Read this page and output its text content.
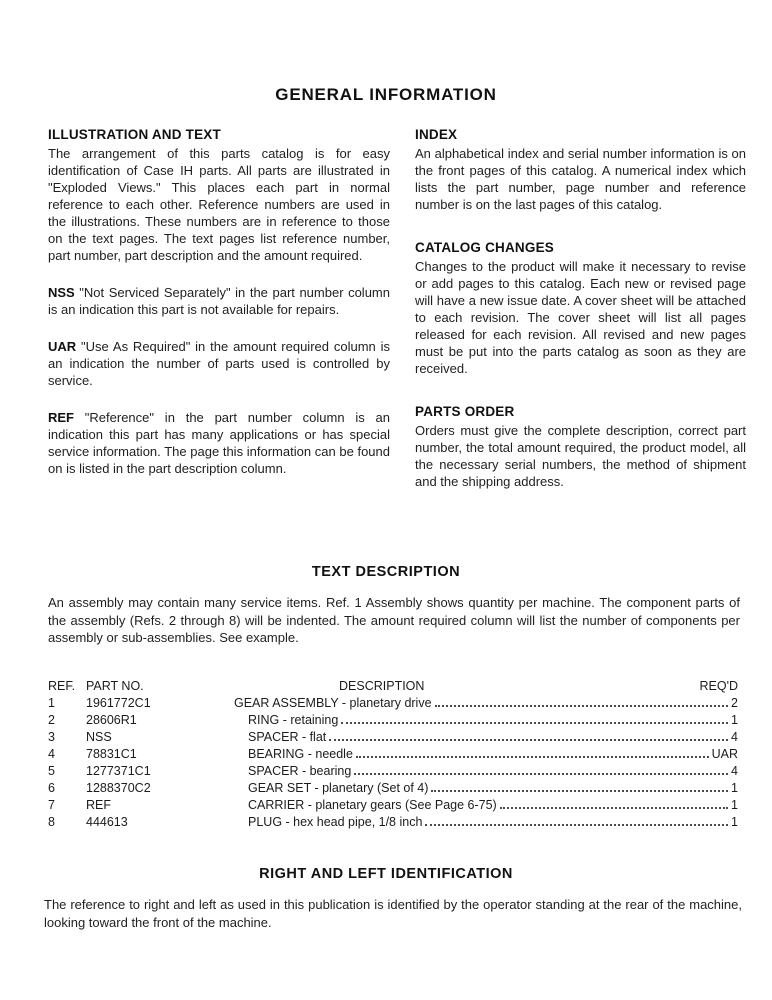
GENERAL INFORMATION
ILLUSTRATION AND TEXT

The arrangement of this parts catalog is for easy identification of Case IH parts. All parts are illustrated in "Exploded Views." This places each part in normal reference to each other. Reference numbers are used in the illustrations. These numbers are in reference to those on the text pages. The text pages list reference number, part number, part description and the amount required.

NSS "Not Serviced Separately" in the part number column is an indication this part is not available for repairs.

UAR "Use As Required" in the amount required column is an indication the number of parts used is controlled by service.

REF "Reference" in the part number column is an indication this part has many applications or has special service information. The page this information can be found on is listed in the part description column.

INDEX

An alphabetical index and serial number information is on the front pages of this catalog. A numerical index which lists the part number, page number and reference number is on the last pages of this catalog.

CATALOG CHANGES

Changes to the product will make it necessary to revise or add pages to this catalog. Each new or revised page will have a new issue date. A cover sheet will be attached to each revision. The cover sheet will list all pages released for each revision. All revised and new pages must be put into the parts catalog as soon as they are received.

PARTS ORDER

Orders must give the complete description, correct part number, the total amount required, the product model, all the necessary serial numbers, the method of shipment and the shipping address.

TEXT DESCRIPTION

An assembly may contain many service items. Ref. 1 Assembly shows quantity per machine. The component parts of the assembly (Refs. 2 through 8) will be indented. The amount required column will list the number of components per assembly or sub-assemblies. See example.

REF. PART NO.	DESCRIPTION	REQ'D
1	1961772C1	GEAR ASSEMBLY - planetary drive	2
2	28606R1	RING - retaining	1
3	NSS	SPACER - flat	4
4	78831C1	BEARING - needle	UAR
5	1277371C1	SPACER - bearing	4
6	1288370C2	GEAR SET - planetary (Set of 4)	1
7	REF	CARRIER - planetary gears (See Page 6-75)	1
8	444613	PLUG - hex head pipe, 1/8 inch	1
RIGHT AND LEFT IDENTIFICATION

The reference to right and left as used in this publication is identified by the operator standing at the rear of the machine, looking toward the front of the machine.
